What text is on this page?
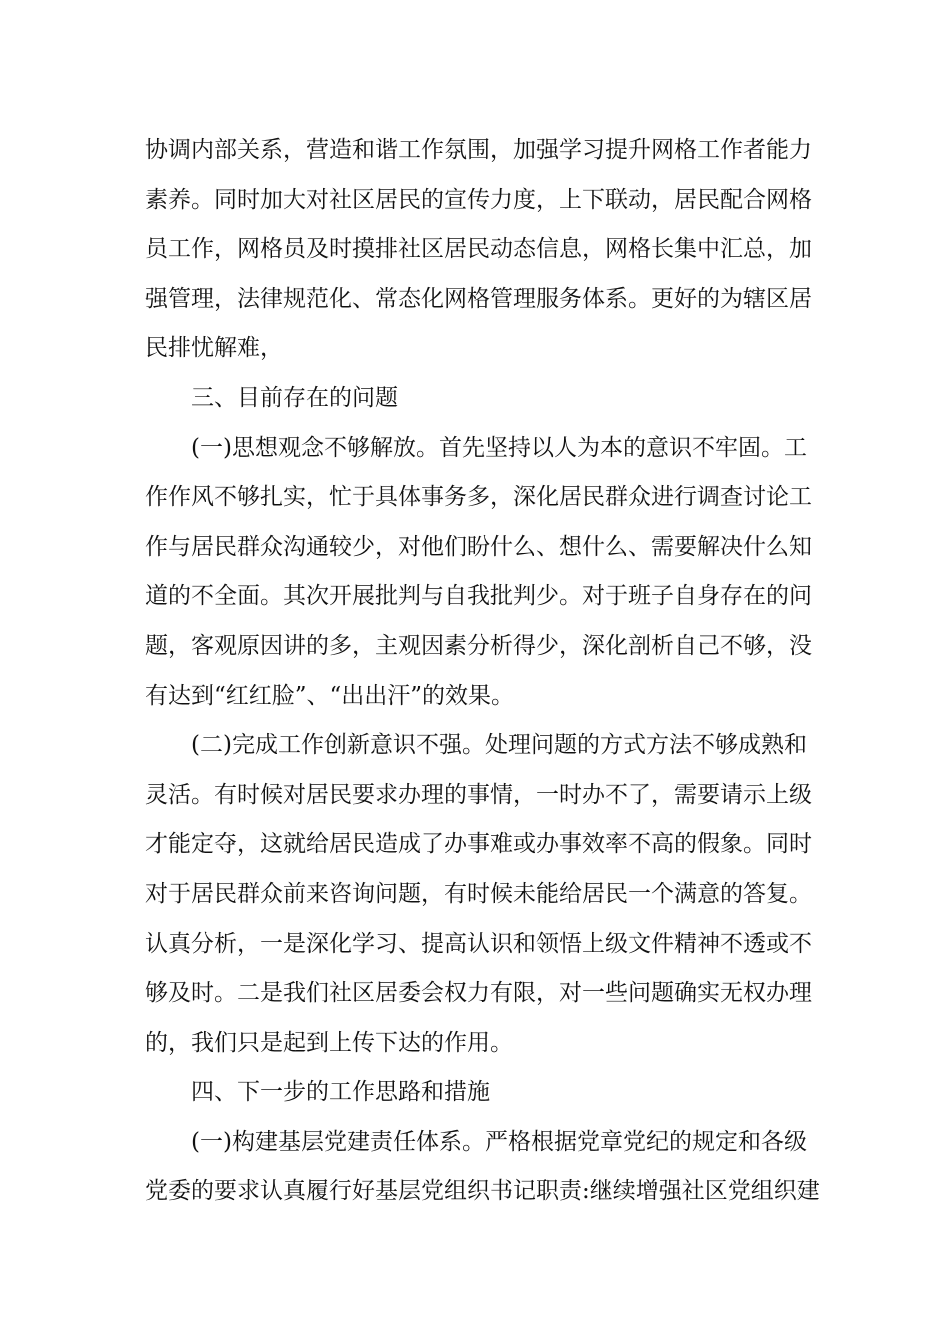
协调内部关系，营造和谐工作氛围，加强学习提升网格工作者能力
素养。同时加大对社区居民的宣传力度，上下联动，居民配合网格
员工作，网格员及时摸排社区居民动态信息，网格长集中汇总，加
强管理，法律规范化、常态化网格管理服务体系。更好的为辖区居
民排忧解难，
三、目前存在的问题
(一)思想观念不够解放。首先坚持以人为本的意识不牢固。工
作作风不够扎实，忙于具体事务多，深化居民群众进行调查讨论工
作与居民群众沟通较少，对他们盼什么、想什么、需要解决什么知
道的不全面。其次开展批判与自我批判少。对于班子自身存在的问
题，客观原因讲的多，主观因素分析得少，深化剖析自己不够，没
有达到“红红脸”、“出出汗”的效果。
(二)完成工作创新意识不强。处理问题的方式方法不够成熟和
灵活。有时候对居民要求办理的事情，一时办不了，需要请示上级
才能定夺，这就给居民造成了办事难或办事效率不高的假象。同时
对于居民群众前来咨询问题，有时候未能给居民一个满意的答复。
认真分析，一是深化学习、提高认识和领悟上级文件精神不透或不
够及时。二是我们社区居委会权力有限，对一些问题确实无权办理
的，我们只是起到上传下达的作用。
四、下一步的工作思路和措施
(一)构建基层党建责任体系。严格根据党章党纪的规定和各级
党委的要求认真履行好基层党组织书记职责:继续增强社区党组织建
